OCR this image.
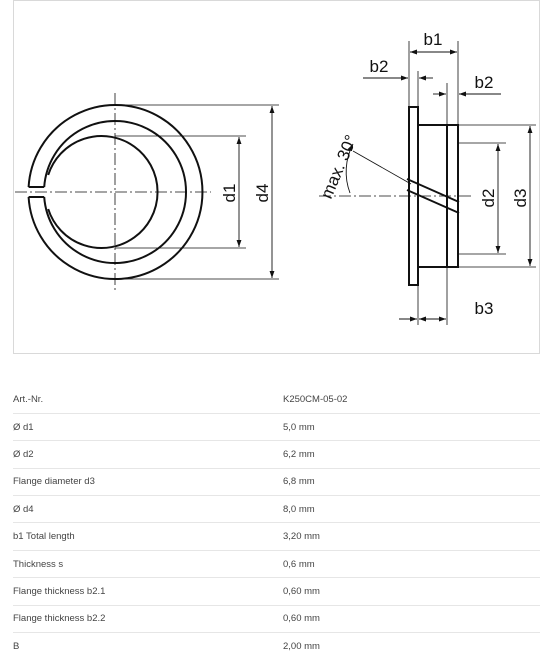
d1 d4
b1
b2
b2
d2 d3
b3
max. 30°
Art.-Nr.	K250CM-05-02
Ø d1	5,0 mm
Ø d2	6,2 mm
Flange diameter d3	6,8 mm
Ø d4	8,0 mm
b1 Total length	3,20 mm
Thickness s	0,6 mm
Flange thickness b2.1	0,60 mm
Flange thickness b2.2	0,60 mm
B	2,00 mm
